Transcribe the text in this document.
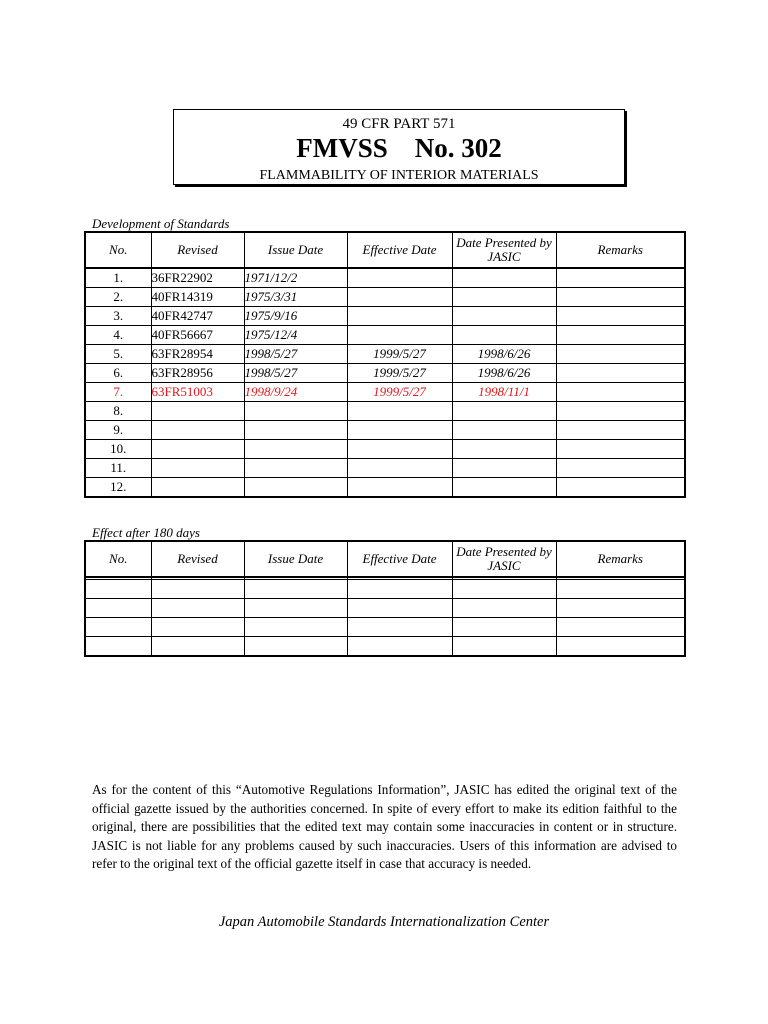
49 CFR PART 571
FMVSS    No. 302
FLAMMABILITY OF INTERIOR MATERIALS
Development of Standards
No.	Revised	Issue Date	Effective Date	Date Presented by JASIC	Remarks
1.	36FR22902	1971/12/2			
2.	40FR14319	1975/3/31			
3.	40FR42747	1975/9/16			
4.	40FR56667	1975/12/4			
5.	63FR28954	1998/5/27	1999/5/27	1998/6/26	
6.	63FR28956	1998/5/27	1999/5/27	1998/6/26	
7.	63FR51003	1998/9/24	1999/5/27	1998/11/1	
8.					
9.					
10.					
11.					
12.					
Effect after 180 days
No.	Revised	Issue Date	Effective Date	Date Presented by JASIC	Remarks

As for the content of this “Automotive Regulations Information”, JASIC has edited the original text of the official gazette issued by the authorities concerned. In spite of every effort to make its edition faithful to the original, there are possibilities that the edited text may contain some inaccuracies in content or in structure. JASIC is not liable for any problems caused by such inaccuracies. Users of this information are advised to refer to the original text of the official gazette itself in case that accuracy is needed.
Japan Automobile Standards Internationalization Center
